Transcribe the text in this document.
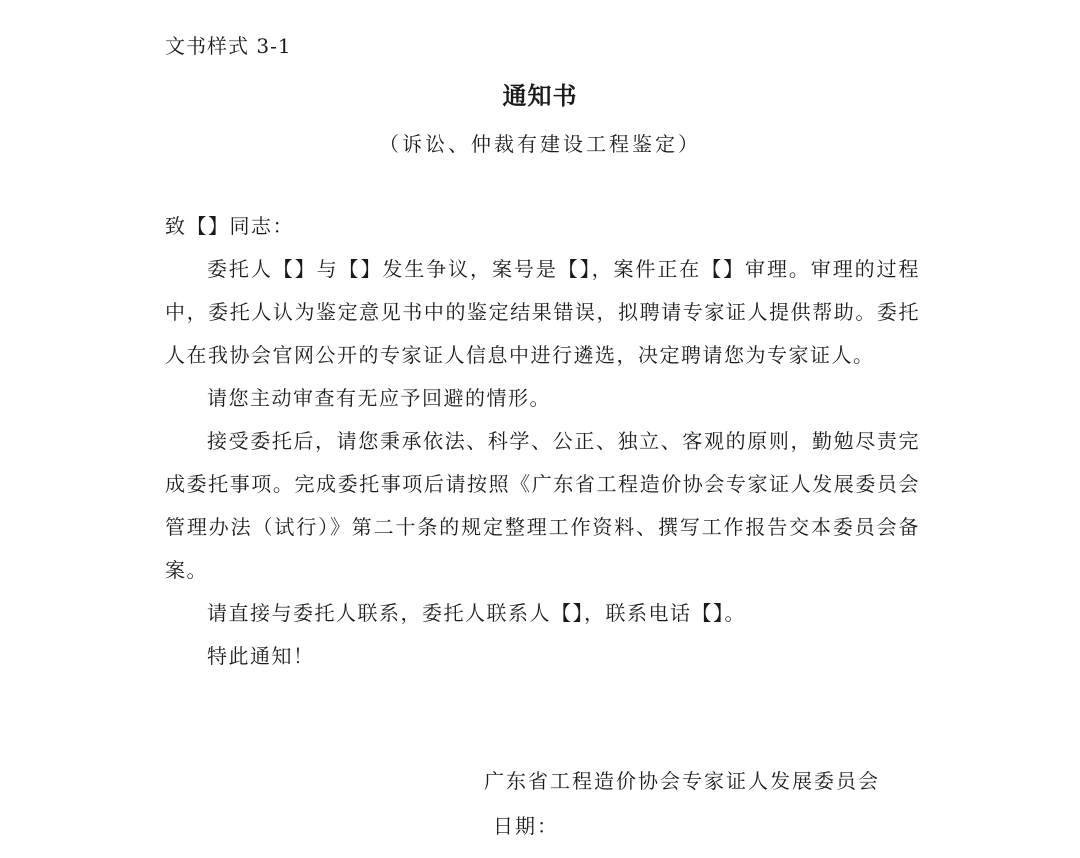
文书样式 3-1
通知书
（诉讼、仲裁有建设工程鉴定）

致【】同志：

委托人【】与【】发生争议，案号是【】，案件正在【】审理。审理的过程中，委托人认为鉴定意见书中的鉴定结果错误，拟聘请专家证人提供帮助。委托人在我协会官网公开的专家证人信息中进行遴选，决定聘请您为专家证人。

请您主动审查有无应予回避的情形。

接受委托后，请您秉承依法、科学、公正、独立、客观的原则，勤勉尽责完成委托事项。完成委托事项后请按照《广东省工程造价协会专家证人发展委员会管理办法（试行）》第二十条的规定整理工作资料、撰写工作报告交本委员会备案。

请直接与委托人联系，委托人联系人【】，联系电话【】。

特此通知！

广东省工程造价协会专家证人发展委员会
日期：
